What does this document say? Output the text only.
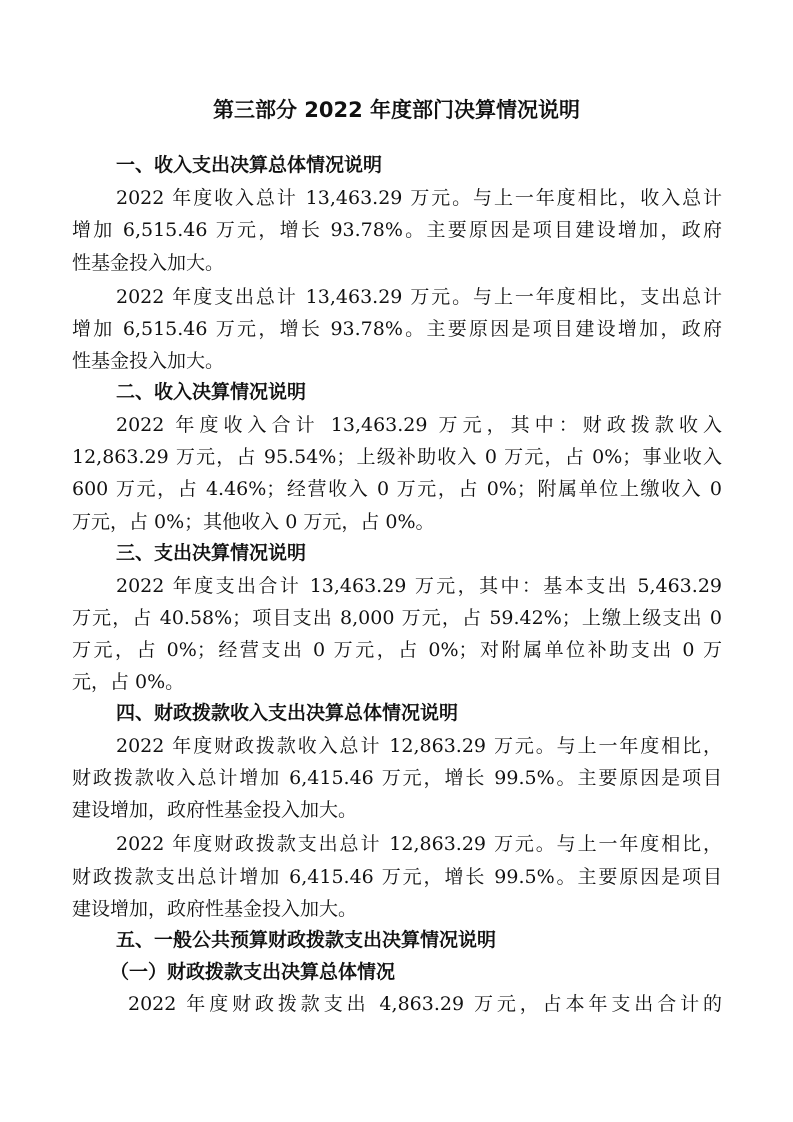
第三部分 2022 年度部门决算情况说明
一、收入支出决算总体情况说明
2022 年度收入总计 13,463.29 万元。与上一年度相比，收入总计
增加 6,515.46 万元，增长 93.78%。主要原因是项目建设增加，政府
性基金投入加大。
2022 年度支出总计 13,463.29 万元。与上一年度相比，支出总计
增加 6,515.46 万元，增长 93.78%。主要原因是项目建设增加，政府
性基金投入加大。
二、收入决算情况说明
2022 年度收入合计 13,463.29 万元，其中：财政拨款收入
12,863.29 万元，占 95.54%；上级补助收入 0 万元，占 0%；事业收入
600 万元，占 4.46%；经营收入 0 万元，占 0%；附属单位上缴收入 0
万元，占 0%；其他收入 0 万元，占 0%。
三、支出决算情况说明
2022 年度支出合计 13,463.29 万元，其中：基本支出 5,463.29
万元，占 40.58%；项目支出 8,000 万元，占 59.42%；上缴上级支出 0
万元，占 0%；经营支出 0 万元，占 0%；对附属单位补助支出 0 万
元，占 0%。
四、财政拨款收入支出决算总体情况说明
2022 年度财政拨款收入总计 12,863.29 万元。与上一年度相比，
财政拨款收入总计增加 6,415.46 万元，增长 99.5%。主要原因是项目
建设增加，政府性基金投入加大。
2022 年度财政拨款支出总计 12,863.29 万元。与上一年度相比，
财政拨款支出总计增加 6,415.46 万元，增长 99.5%。主要原因是项目
建设增加，政府性基金投入加大。
五、一般公共预算财政拨款支出决算情况说明
（一）财政拨款支出决算总体情况
2022 年度财政拨款支出 4,863.29 万元，占本年支出合计的
